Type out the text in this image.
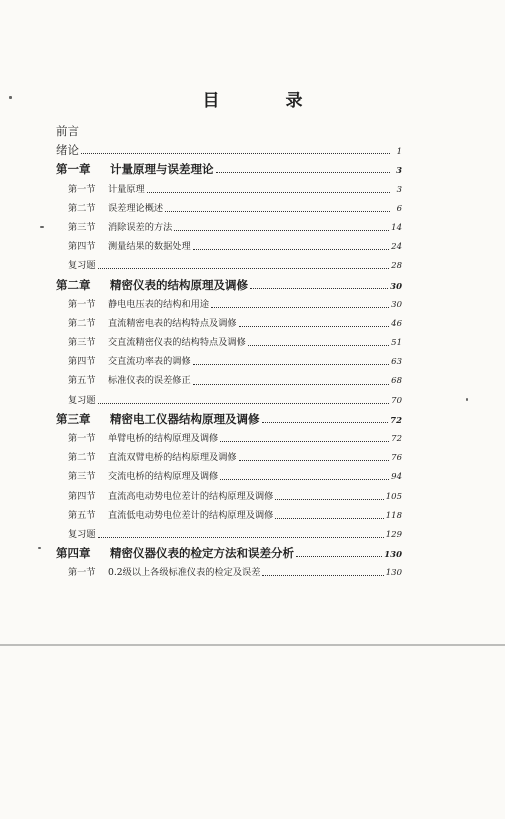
目 录
前言
绪论	1
第一章	计量原理与误差理论	3
第一节	计量原理	3
第二节	误差理论概述	6
第三节	消除误差的方法	14
第四节	测量结果的数据处理	24
复习题	28
第二章	精密仪表的结构原理及调修	30
第一节	静电电压表的结构和用途	30
第二节	直流精密电表的结构特点及调修	46
第三节	交直流精密仪表的结构特点及调修	51
第四节	交直流功率表的调修	63
第五节	标准仪表的误差修正	68
复习题	70
第三章	精密电工仪器结构原理及调修	72
第一节	单臂电桥的结构原理及调修	72
第二节	直流双臂电桥的结构原理及调修	76
第三节	交流电桥的结构原理及调修	94
第四节	直流高电动势电位差计的结构原理及调修	105
第五节	直流低电动势电位差计的结构原理及调修	118
复习题	129
第四章	精密仪器仪表的检定方法和误差分析	130
第一节	0.2级以上各级标准仪表的检定及误差	130
